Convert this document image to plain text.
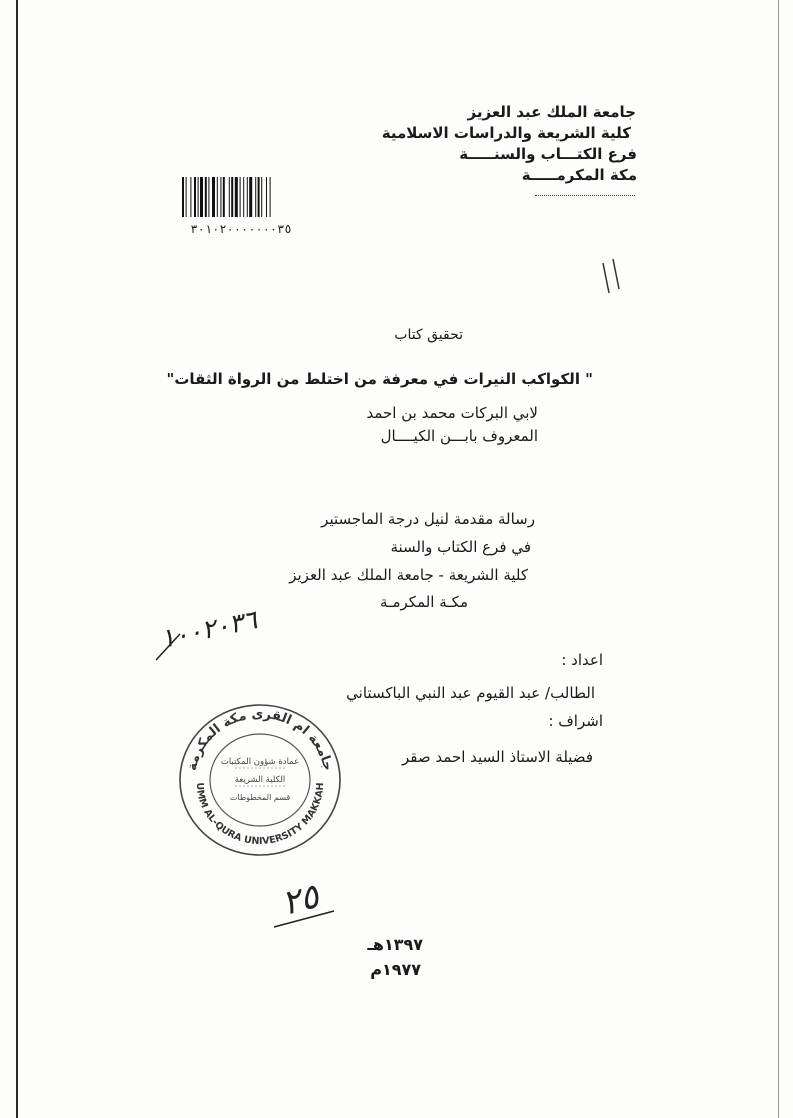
جامعة الملك عبد العزيز
كلية الشريعة والدراسات الاسلامية
فرع الكتـــاب والسنـــــة
مكة المكرمـــــة
٣٠١٠٢٠٠٠٠٠٠٠٣٥
تحقيق كتاب
" الكواكب النيرات في معرفة من اختلط من الرواة الثقات"
لابي البركات محمد بن احمد
المعروف بابـــن الكيــــال
رسالة مقدمة لنيل درجة الماجستير
في فرع الكتاب والسنة
كلية الشريعة - جامعة الملك عبد العزيز
مكـة المكرمـة
١٠٠٢٠٣٦
اعداد :
الطالب/ عبد القيوم عبد النبي الباكستاني
اشراف :
فضيلة الاستاذ السيد احمد صقر
جامعة ام القرى مكة المكرمة
UMM AL-QURA UNIVERSITY MAKKAH
عمادة شؤون المكتبات
الكلية الشريعة
قسم المخطوطات
٢٥
١٣٩٧هـ
١٩٧٧م
